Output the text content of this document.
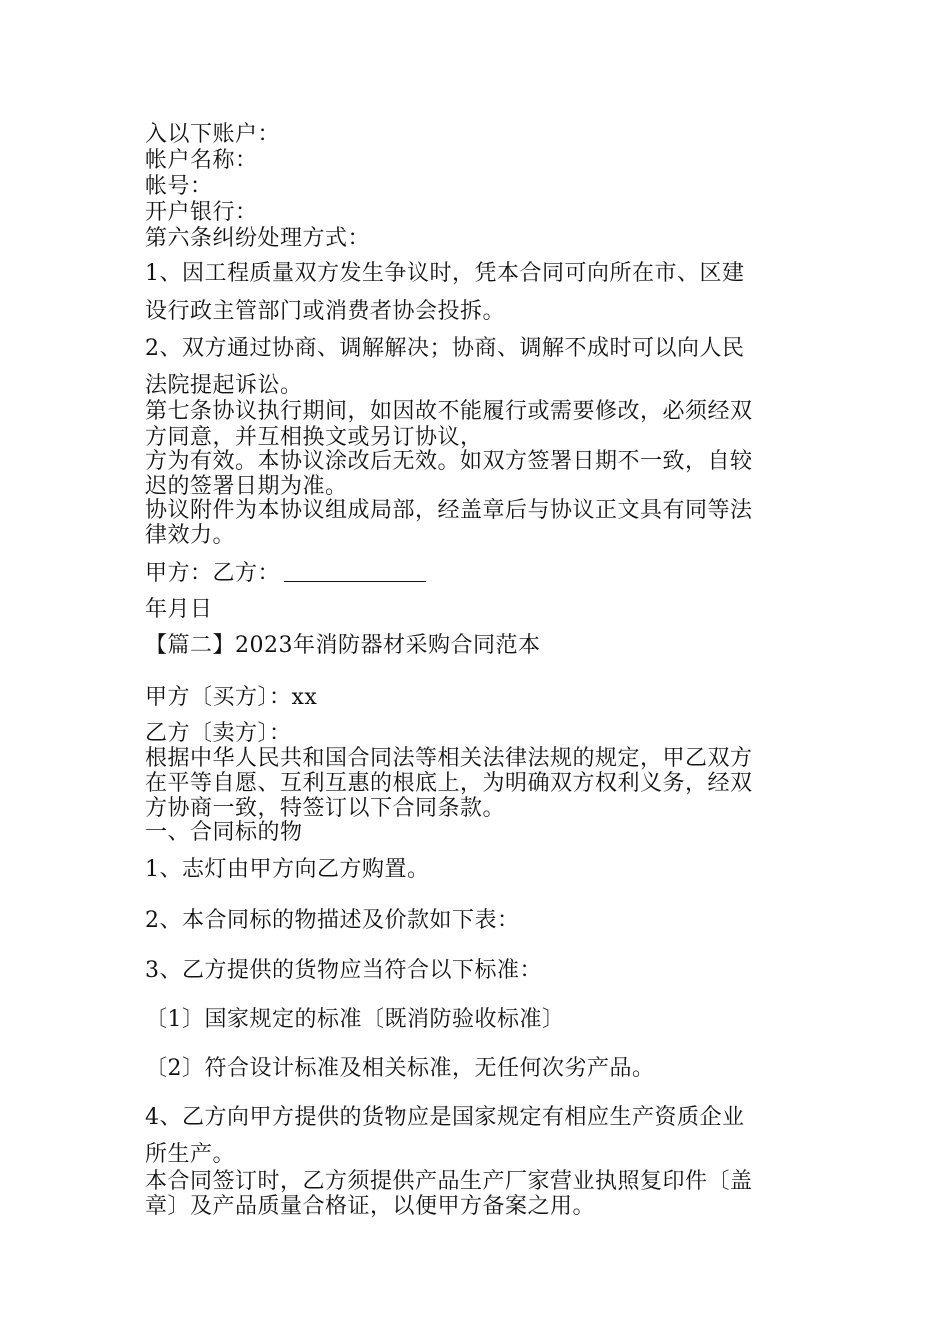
入以下账户：
帐户名称：
帐号：
开户银行：
第六条纠纷处理方式：
1、因工程质量双方发生争议时，凭本合同可向所在市、区建
设行政主管部门或消费者协会投拆。
2、双方通过协商、调解解决；协商、调解不成时可以向人民
法院提起诉讼。
第七条协议执行期间，如因故不能履行或需要修改，必须经双
方同意，并互相换文或另订协议，
方为有效。本协议涂改后无效。如双方签署日期不一致，自较
迟的签署日期为准。
协议附件为本协议组成局部，经盖章后与协议正文具有同等法
律效力。
甲方：乙方：
年月日
【篇二】2023年消防器材采购合同范本
甲方〔买方〕：xx
乙方〔卖方〕：
根据中华人民共和国合同法等相关法律法规的规定，甲乙双方
在平等自愿、互利互惠的根底上，为明确双方权利义务，经双
方协商一致，特签订以下合同条款。
一、合同标的物
1、志灯由甲方向乙方购置。
2、本合同标的物描述及价款如下表：
3、乙方提供的货物应当符合以下标准：
〔1〕国家规定的标准〔既消防验收标准〕
〔2〕符合设计标准及相关标准，无任何次劣产品。
4、乙方向甲方提供的货物应是国家规定有相应生产资质企业
所生产。
本合同签订时，乙方须提供产品生产厂家营业执照复印件〔盖
章〕及产品质量合格证，以便甲方备案之用。
